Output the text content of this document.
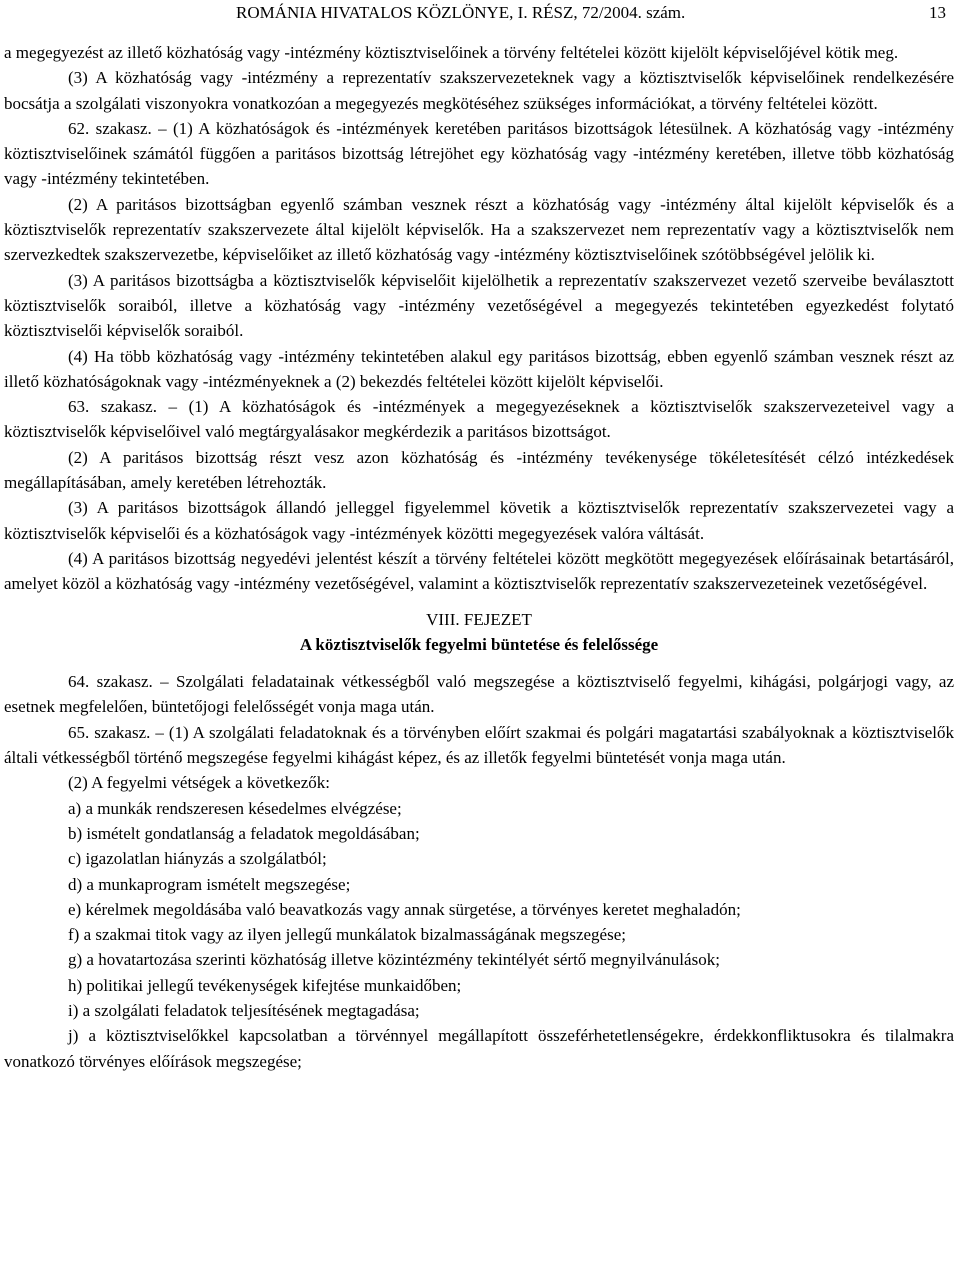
ROMÁNIA HIVATALOS KÖZLÖNYE, I. RÉSZ, 72/2004. szám.	13

a megegyezést az illető közhatóság vagy -intézmény köztisztviselőinek a törvény feltételei között kijelölt képviselőjével kötik meg.

(3) A közhatóság vagy -intézmény a reprezentatív szakszervezeteknek vagy a köztisztviselők képviselőinek rendelkezésére bocsátja a szolgálati viszonyokra vonatkozóan a megegyezés megkötéséhez szükséges információkat, a törvény feltételei között.

62. szakasz. – (1) A közhatóságok és -intézmények keretében paritásos bizottságok létesülnek. A közhatóság vagy -intézmény köztisztviselőinek számától függően a paritásos bizottság létrejöhet egy közhatóság vagy -intézmény keretében, illetve több közhatóság vagy -intézmény tekintetében.

(2) A paritásos bizottságban egyenlő számban vesznek részt a közhatóság vagy -intézmény által kijelölt képviselők és a köztisztviselők reprezentatív szakszervezete által kijelölt képviselők. Ha a szakszervezet nem reprezentatív vagy a köztisztviselők nem szervezkedtek szakszervezetbe, képviselőiket az illető közhatóság vagy -intézmény köztisztviselőinek szótöbbségével jelölik ki.

(3) A paritásos bizottságba a köztisztviselők képviselőit kijelölhetik a reprezentatív szakszervezet vezető szerveibe beválasztott köztisztviselők soraiból, illetve a közhatóság vagy -intézmény vezetőségével a megegyezés tekintetében egyezkedést folytató köztisztviselői képviselők soraiból.

(4) Ha több közhatóság vagy -intézmény tekintetében alakul egy paritásos bizottság, ebben egyenlő számban vesznek részt az illető közhatóságoknak vagy -intézményeknek a (2) bekezdés feltételei között kijelölt képviselői.

63. szakasz. – (1) A közhatóságok és -intézmények a megegyezéseknek a köztisztviselők szakszervezeteivel vagy a köztisztviselők képviselőivel való megtárgyalásakor megkérdezik a paritásos bizottságot.

(2) A paritásos bizottság részt vesz azon közhatóság és -intézmény tevékenysége tökéletesítését célzó intézkedések megállapításában, amely keretében létrehozták.

(3) A paritásos bizottságok állandó jelleggel figyelemmel követik a köztisztviselők reprezentatív szakszervezetei vagy a köztisztviselők képviselői és a közhatóságok vagy -intézmények közötti megegyezések valóra váltását.

(4) A paritásos bizottság negyedévi jelentést készít a törvény feltételei között megkötött megegyezések előírásainak betartásáról, amelyet közöl a közhatóság vagy -intézmény vezetőségével, valamint a köztisztviselők reprezentatív szakszervezeteinek vezetőségével.

VIII. FEJEZET
A köztisztviselők fegyelmi büntetése és felelőssége

64. szakasz. – Szolgálati feladatainak vétkességből való megszegése a köztisztviselő fegyelmi, kihágási, polgárjogi vagy, az esetnek megfelelően, büntetőjogi felelősségét vonja maga után.

65. szakasz. – (1) A szolgálati feladatoknak és a törvényben előírt szakmai és polgári magatartási szabályoknak a köztisztviselők általi vétkességből történő megszegése fegyelmi kihágást képez, és az illetők fegyelmi büntetését vonja maga után.

(2) A fegyelmi vétségek a következők:

a) a munkák rendszeresen késedelmes elvégzése;

b) ismételt gondatlanság a feladatok megoldásában;

c) igazolatlan hiányzás a szolgálatból;

d) a munkaprogram ismételt megszegése;

e) kérelmek megoldásába való beavatkozás vagy annak sürgetése, a törvényes keretet meghaladón;

f) a szakmai titok vagy az ilyen jellegű munkálatok bizalmasságának megszegése;

g) a hovatartozása szerinti közhatóság illetve közintézmény tekintélyét sértő megnyilvánulások;

h) politikai jellegű tevékenységek kifejtése munkaidőben;

i) a szolgálati feladatok teljesítésének megtagadása;

j) a köztisztviselőkkel kapcsolatban a törvénnyel megállapított összeférhetetlenségekre, érdekkonfliktusokra és tilalmakra vonatkozó törvényes előírások megszegése;
